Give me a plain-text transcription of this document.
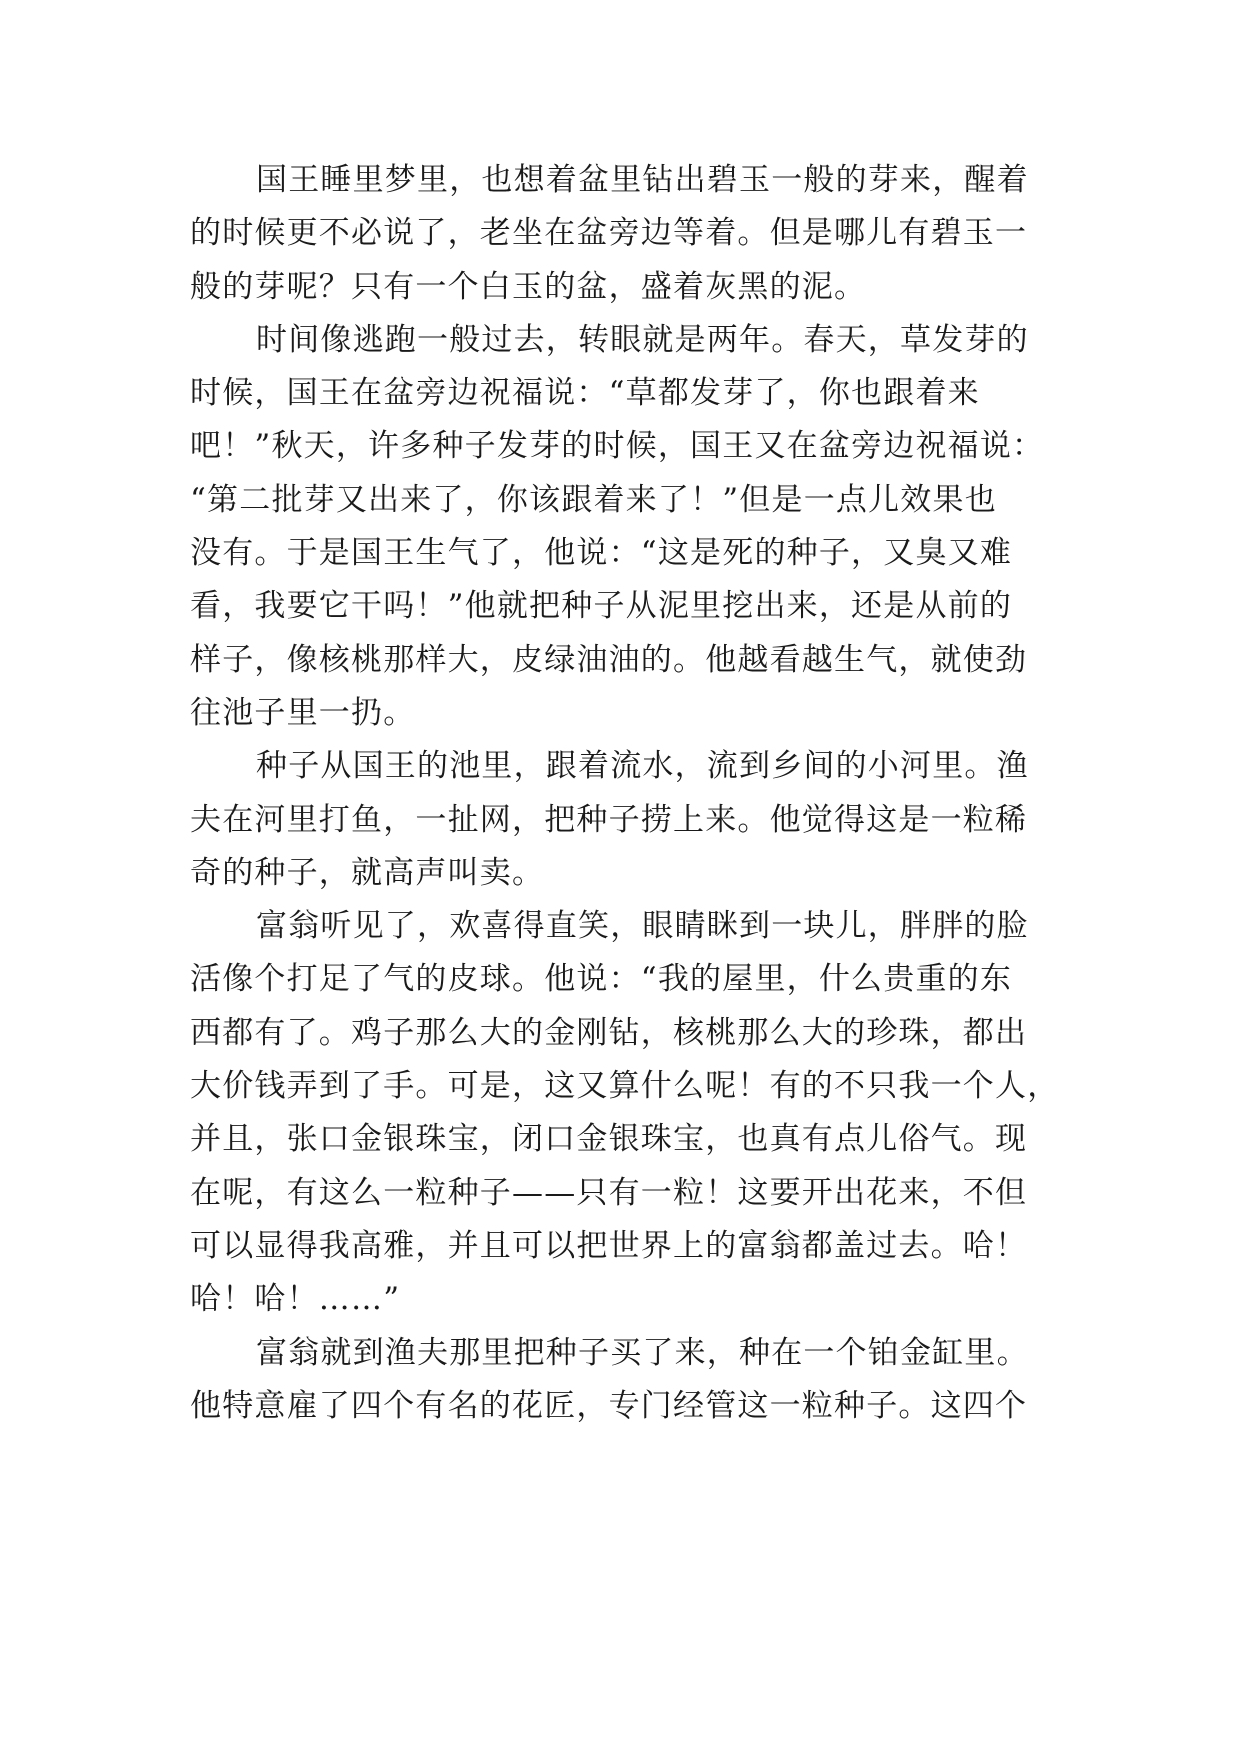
国王睡里梦里，也想着盆里钻出碧玉一般的芽来，醒着
的时候更不必说了，老坐在盆旁边等着。但是哪儿有碧玉一
般的芽呢？只有一个白玉的盆，盛着灰黑的泥。
时间像逃跑一般过去，转眼就是两年。春天，草发芽的
时候，国王在盆旁边祝福说：“草都发芽了，你也跟着来
吧！”秋天，许多种子发芽的时候，国王又在盆旁边祝福说：
“第二批芽又出来了，你该跟着来了！”但是一点儿效果也
没有。于是国王生气了，他说：“这是死的种子，又臭又难
看，我要它干吗！”他就把种子从泥里挖出来，还是从前的
样子，像核桃那样大，皮绿油油的。他越看越生气，就使劲
往池子里一扔。
种子从国王的池里，跟着流水，流到乡间的小河里。渔
夫在河里打鱼，一扯网，把种子捞上来。他觉得这是一粒稀
奇的种子，就高声叫卖。
富翁听见了，欢喜得直笑，眼睛眯到一块儿，胖胖的脸
活像个打足了气的皮球。他说：“我的屋里，什么贵重的东
西都有了。鸡子那么大的金刚钻，核桃那么大的珍珠，都出
大价钱弄到了手。可是，这又算什么呢！有的不只我一个人，
并且，张口金银珠宝，闭口金银珠宝，也真有点儿俗气。现
在呢，有这么一粒种子——只有一粒！这要开出花来，不但
可以显得我高雅，并且可以把世界上的富翁都盖过去。哈！
哈！哈！……”
富翁就到渔夫那里把种子买了来，种在一个铂金缸里。
他特意雇了四个有名的花匠，专门经管这一粒种子。这四个
